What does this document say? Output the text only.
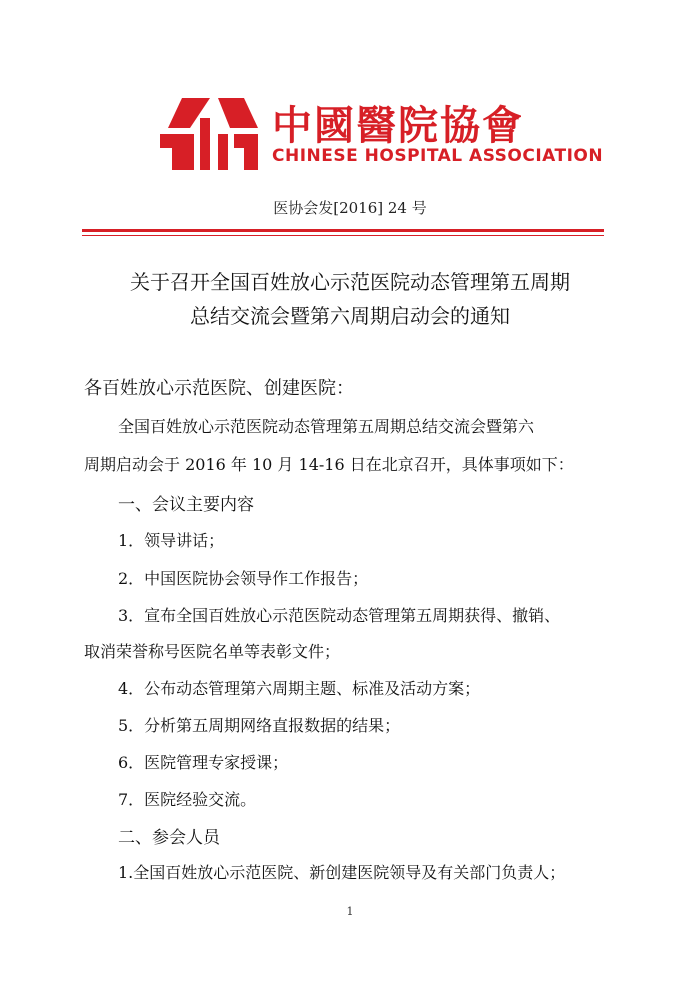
中國醫院協會
CHINESE HOSPITAL ASSOCIATION
医协会发[2016] 24 号
关于召开全国百姓放心示范医院动态管理第五周期
总结交流会暨第六周期启动会的通知
各百姓放心示范医院、创建医院：
全国百姓放心示范医院动态管理第五周期总结交流会暨第六
周期启动会于 2016 年 10 月 14-16 日在北京召开，具体事项如下：
一、会议主要内容
1．领导讲话；
2．中国医院协会领导作工作报告；
3．宣布全国百姓放心示范医院动态管理第五周期获得、撤销、
取消荣誉称号医院名单等表彰文件；
4．公布动态管理第六周期主题、标准及活动方案；
5．分析第五周期网络直报数据的结果；
6．医院管理专家授课；
7．医院经验交流。
二、参会人员
1.全国百姓放心示范医院、新创建医院领导及有关部门负责人；
1
